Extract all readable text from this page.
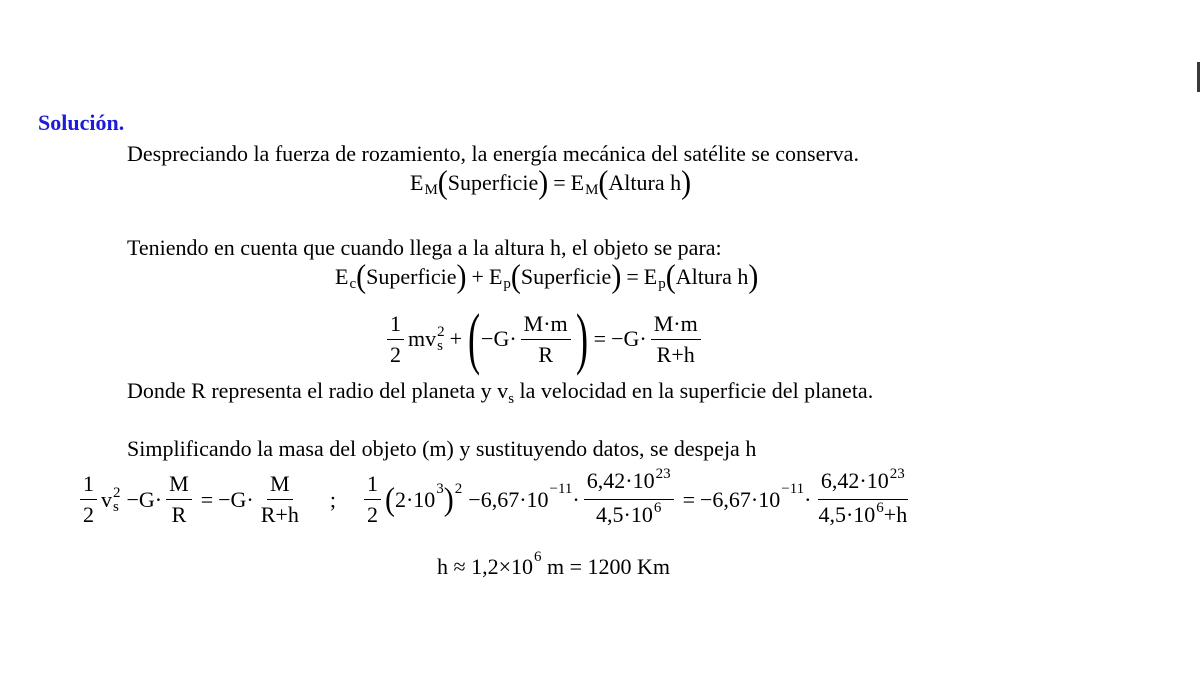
Solución.
Despreciando la fuerza de rozamiento, la energía mecánica del satélite se conserva.
E M ( Superficie ) = E M ( Altura h )
Teniendo en cuenta que cuando llega a la altura h, el objeto se para:
E c ( Superficie ) + E p ( Superficie ) = E p ( Altura h )
$\frac{1}{2}$ mv 2
s + ( $-G\cdot \frac{M\cdot m}{R}$ ) = $-G\cdot \frac{M\cdot m}{R+h}$
Donde R representa el radio del planeta y $v_s$ la velocidad en la superficie del planeta.
Simplificando la masa del objeto (m) y sustituyendo datos, se despeja h
$\frac{1}{2}$ v 2
$s -G\cdot \frac{M}{R} = -G\cdot \frac{M}{R+h}$ ; $\frac{1}{2}$ ( 2·10 3 ) $2 -6,67\cdot 10 -11 \cdot \frac{6,42\cdot 10^{23}}{4,5\cdot 10^6} = -6,67\cdot 10 -11 \cdot \frac{6,42\cdot 10^{23}}{4,5\cdot 10^6+h}$
h ≈ 1,2×10 6 m = 1200 Km
